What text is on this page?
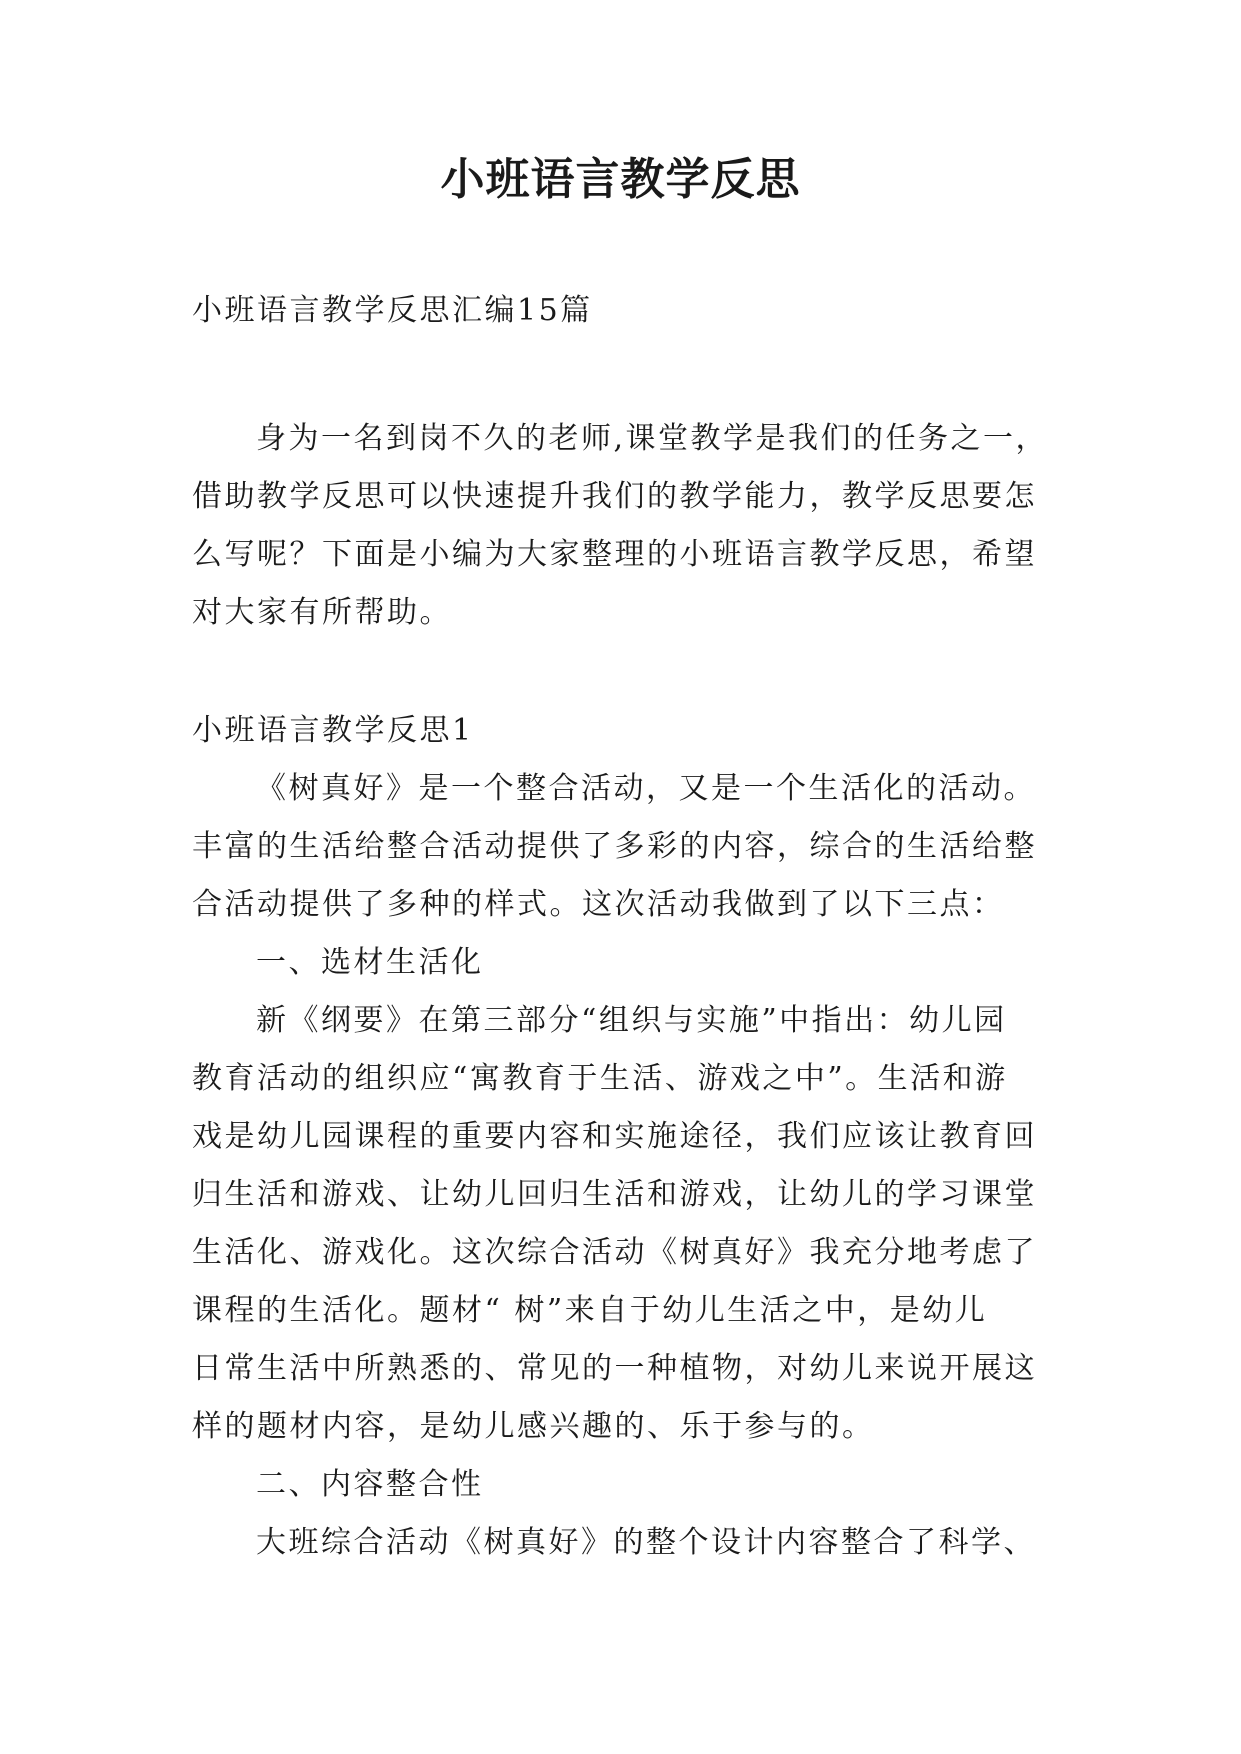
小班语言教学反思

小班语言教学反思汇编15篇

身为一名到岗不久的老师,课堂教学是我们的任务之一，

借助教学反思可以快速提升我们的教学能力，教学反思要怎

么写呢？下面是小编为大家整理的小班语言教学反思，希望

对大家有所帮助。

小班语言教学反思1

《树真好》是一个整合活动，又是一个生活化的活动。

丰富的生活给整合活动提供了多彩的内容，综合的生活给整

合活动提供了多种的样式。这次活动我做到了以下三点：

一、选材生活化

新《纲要》在第三部分“组织与实施”中指出：幼儿园

教育活动的组织应“寓教育于生活、游戏之中”。生活和游

戏是幼儿园课程的重要内容和实施途径，我们应该让教育回

归生活和游戏、让幼儿回归生活和游戏，让幼儿的学习课堂

生活化、游戏化。这次综合活动《树真好》我充分地考虑了

课程的生活化。题材“ 树”来自于幼儿生活之中，是幼儿

日常生活中所熟悉的、常见的一种植物，对幼儿来说开展这

样的题材内容，是幼儿感兴趣的、乐于参与的。

二、内容整合性

大班综合活动《树真好》的整个设计内容整合了科学、
